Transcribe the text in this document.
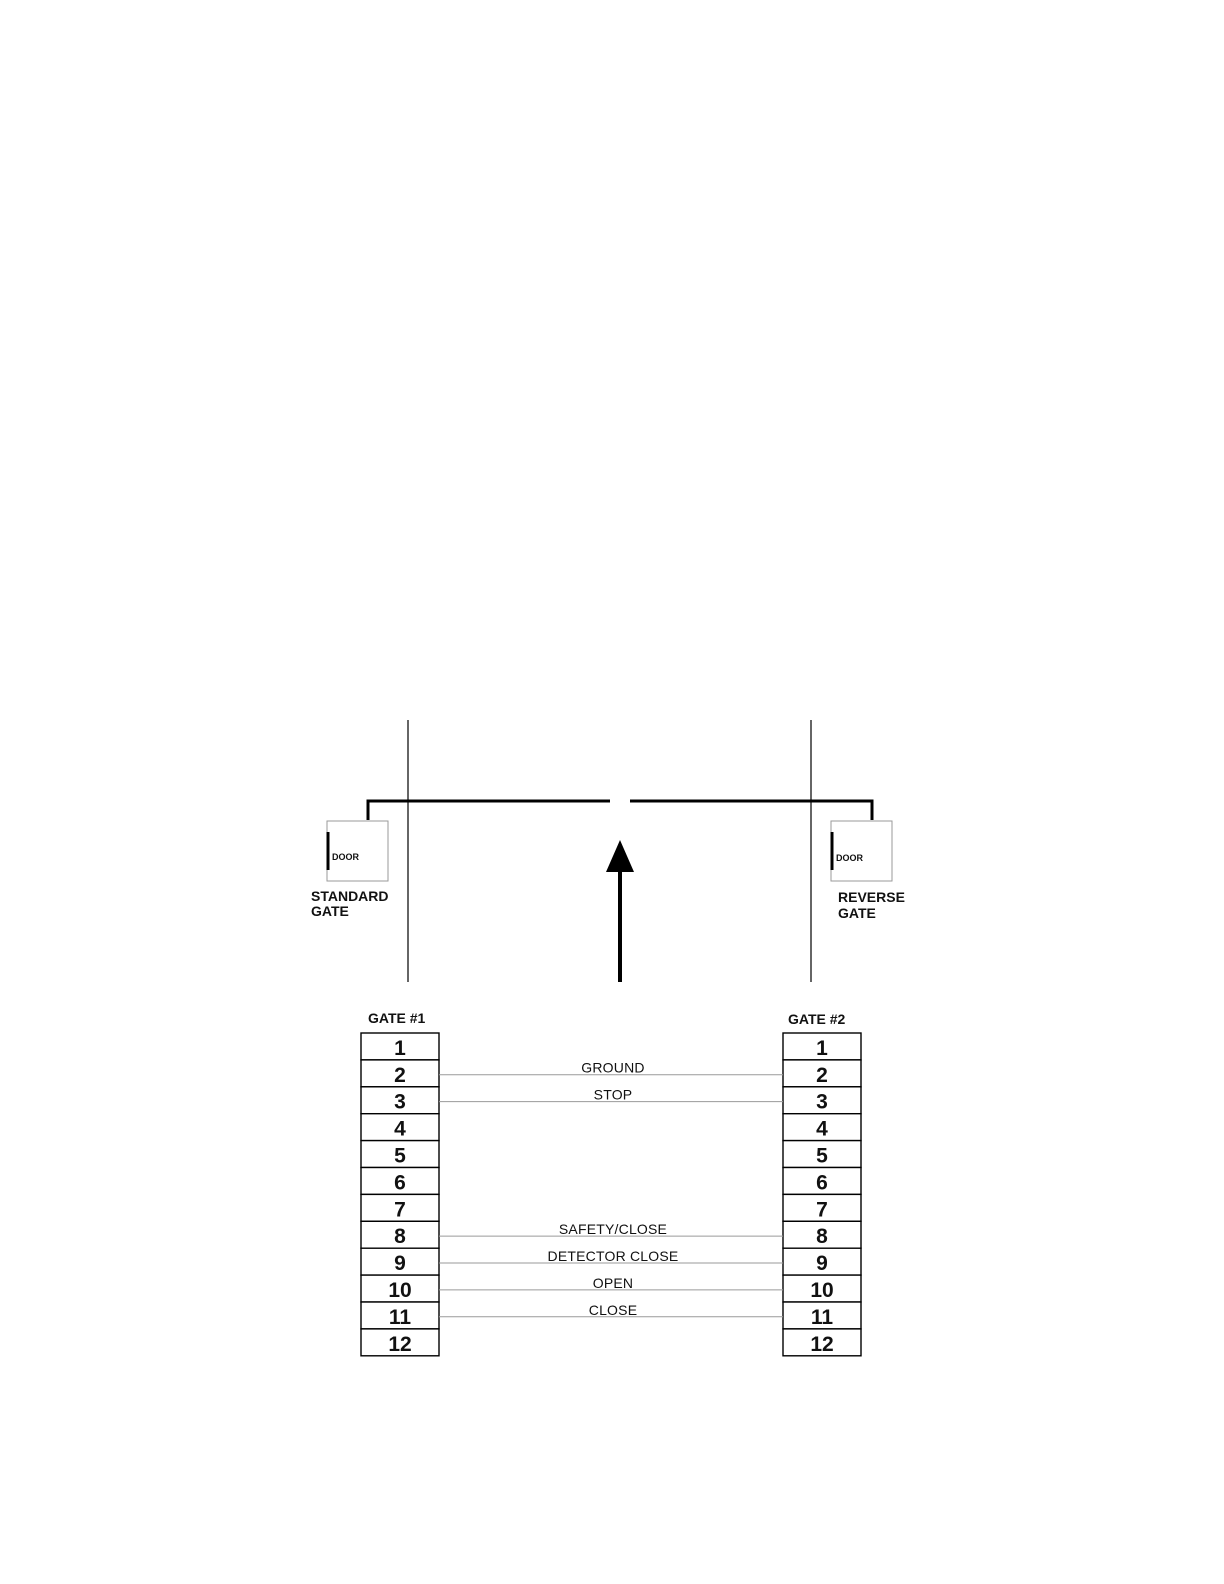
DOOR
STANDARD
GATE
DOOR
REVERSE
GATE
GATE #1	GATE #2
1
2
3
4
5
6
7
8
9
10
11
12
1
2
3
4
5
6
7
8
9
10
11
12
GROUND
STOP
SAFETY/CLOSE
DETECTOR CLOSE
OPEN
CLOSE
